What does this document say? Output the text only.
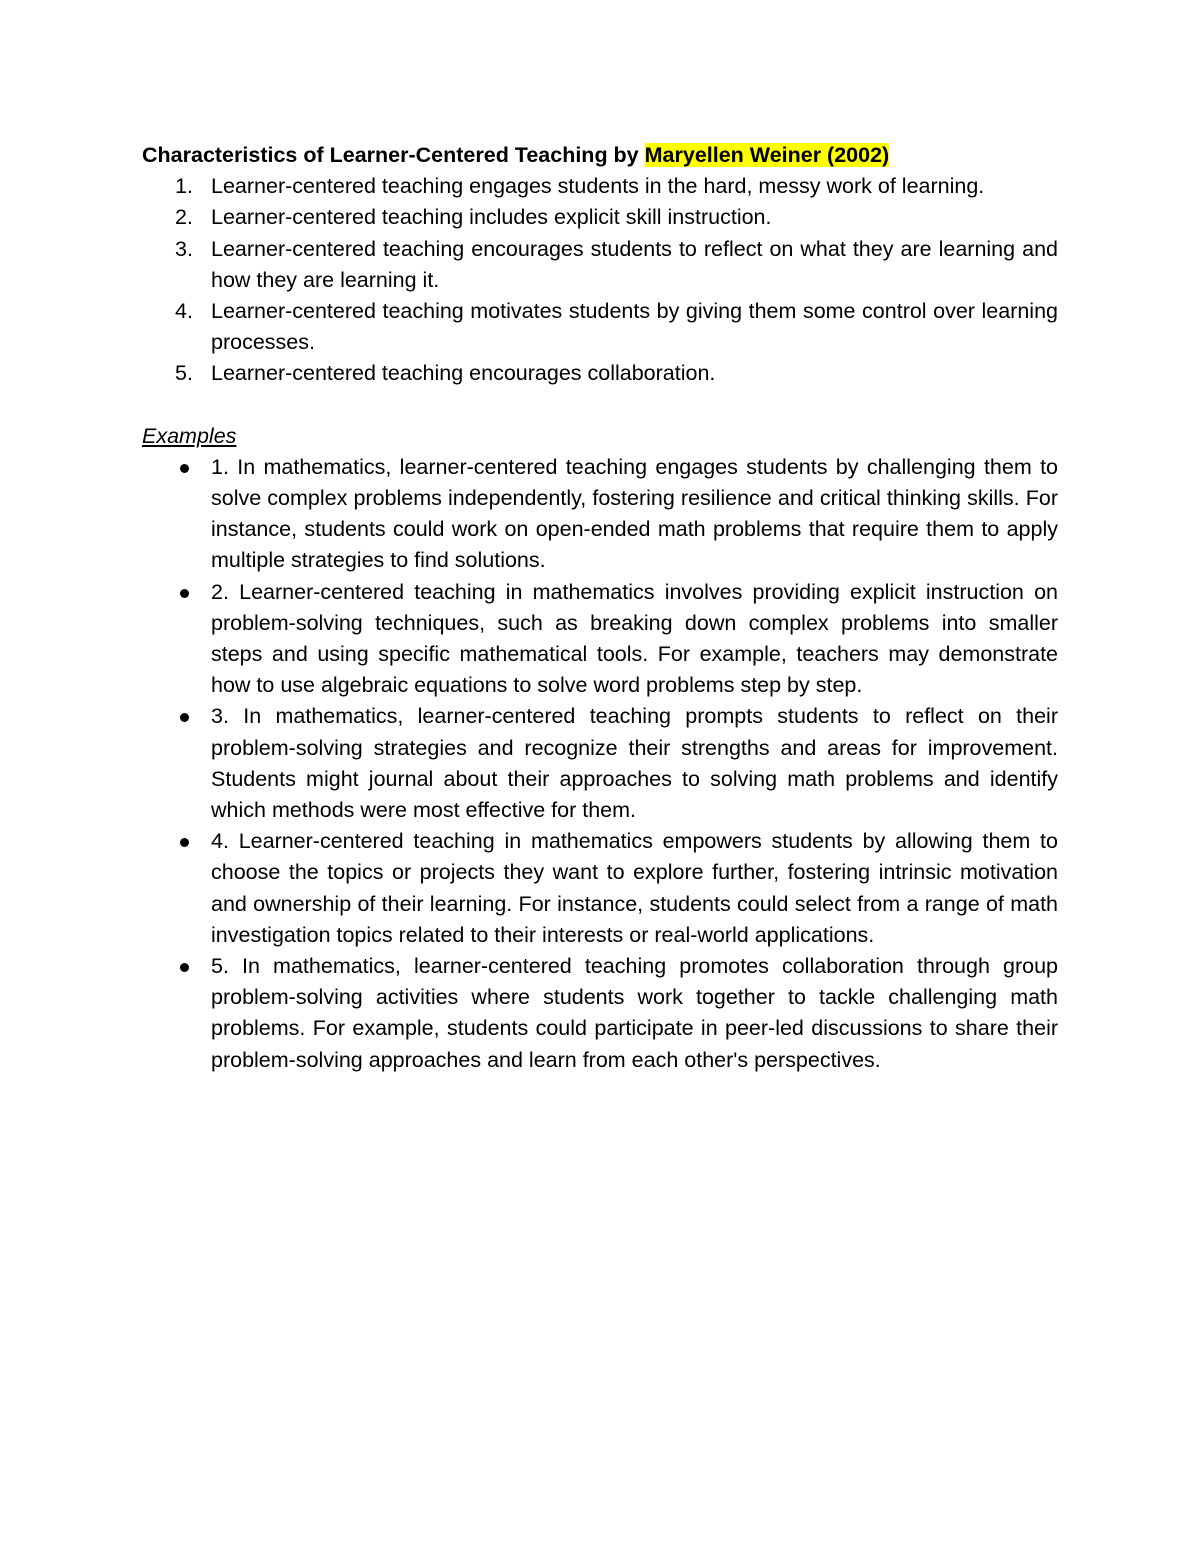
Characteristics of Learner-Centered Teaching by Maryellen Weiner (2002)

1. Learner-centered teaching engages students in the hard, messy work of learning.
2. Learner-centered teaching includes explicit skill instruction.
3. Learner-centered teaching encourages students to reflect on what they are learning and how they are learning it.
4. Learner-centered teaching motivates students by giving them some control over learning processes.
5. Learner-centered teaching encourages collaboration.

Examples

1. In mathematics, learner-centered teaching engages students by challenging them to solve complex problems independently, fostering resilience and critical thinking skills. For instance, students could work on open-ended math problems that require them to apply multiple strategies to find solutions.
2. Learner-centered teaching in mathematics involves providing explicit instruction on problem-solving techniques, such as breaking down complex problems into smaller steps and using specific mathematical tools. For example, teachers may demonstrate how to use algebraic equations to solve word problems step by step.
3. In mathematics, learner-centered teaching prompts students to reflect on their problem-solving strategies and recognize their strengths and areas for improvement. Students might journal about their approaches to solving math problems and identify which methods were most effective for them.
4. Learner-centered teaching in mathematics empowers students by allowing them to choose the topics or projects they want to explore further, fostering intrinsic motivation and ownership of their learning. For instance, students could select from a range of math investigation topics related to their interests or real-world applications.
5. In mathematics, learner-centered teaching promotes collaboration through group problem-solving activities where students work together to tackle challenging math problems. For example, students could participate in peer-led discussions to share their problem-solving approaches and learn from each other's perspectives.
